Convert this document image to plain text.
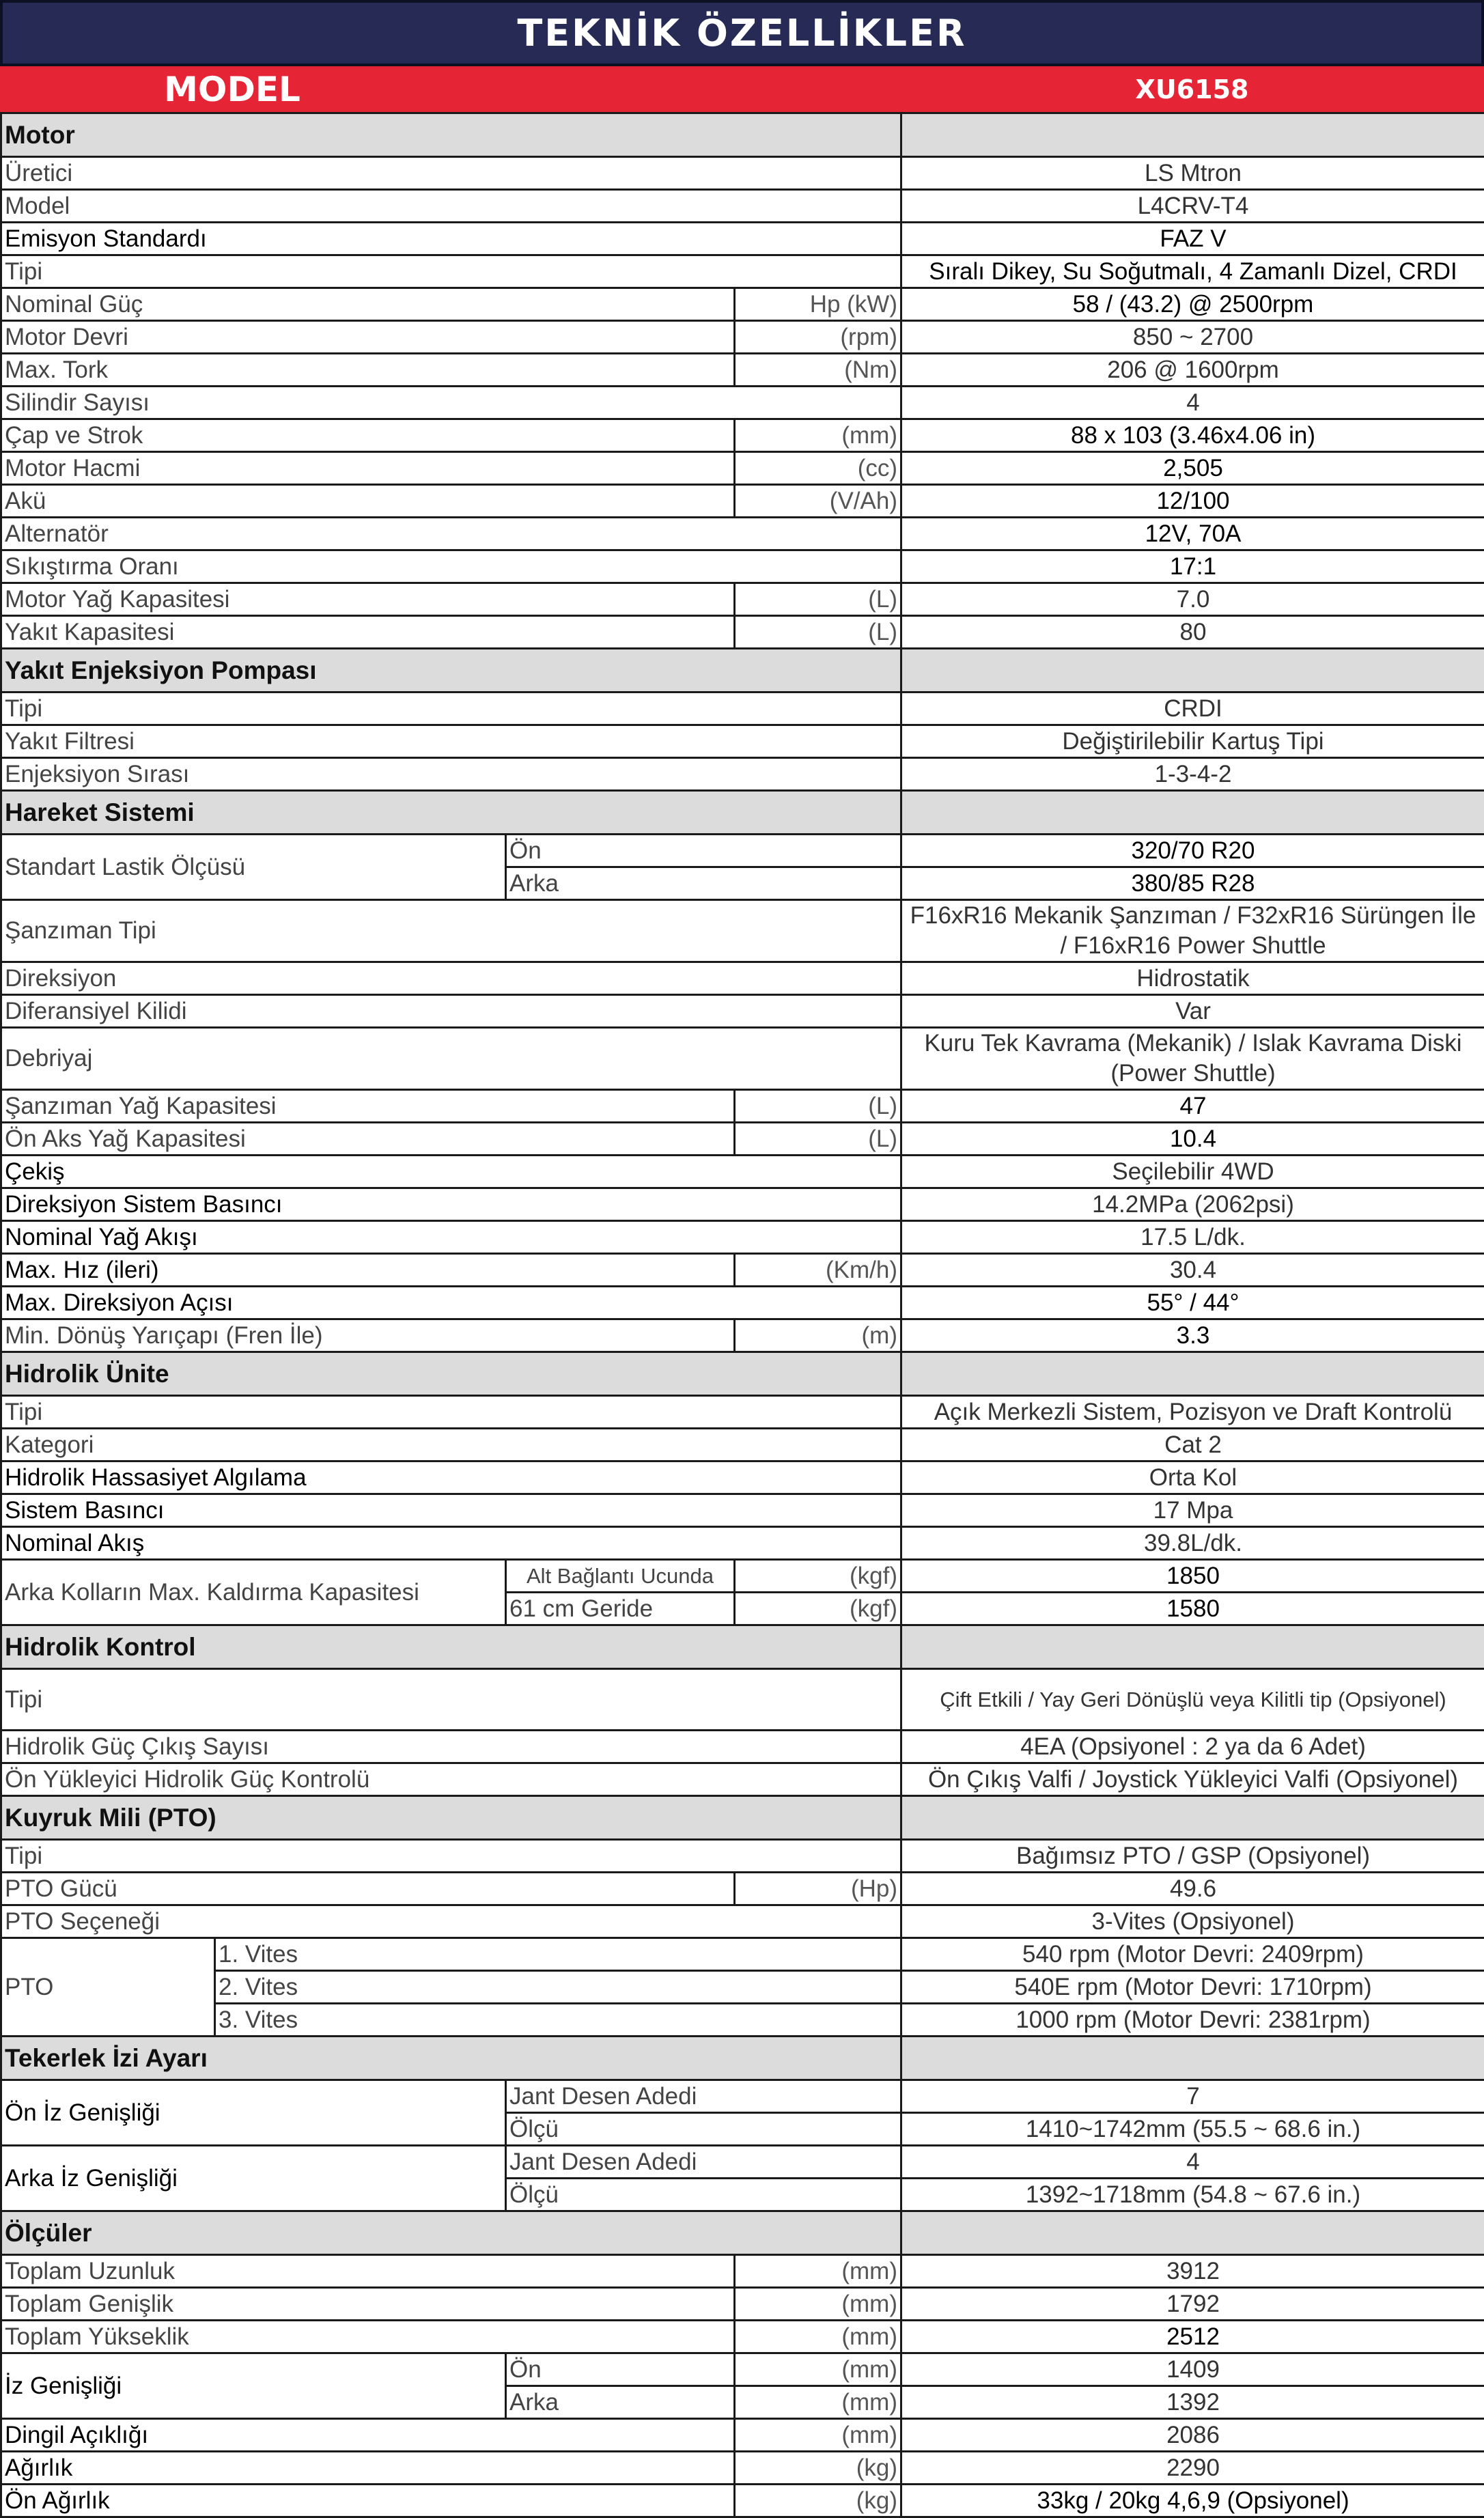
TEKNİK ÖZELLİKLER
MODEL	XU6158
Motor				
Üretici				LS Mtron
Model				L4CRV-T4
Emisyon Standardı				FAZ V
Tipi				Sıralı Dikey, Su Soğutmalı, 4 Zamanlı Dizel, CRDI
Nominal Güç			Hp (kW)	58 / (43.2) @ 2500rpm
Motor Devri			(rpm)	850 ~ 2700
Max. Tork			(Nm)	206 @ 1600rpm
Silindir Sayısı				4
Çap ve Strok			(mm)	88 x 103 (3.46x4.06 in)
Motor Hacmi			(cc)	2,505
Akü			(V/Ah)	12/100
Alternatör				12V, 70A
Sıkıştırma Oranı				17:1
Motor Yağ Kapasitesi			(L)	7.0
Yakıt Kapasitesi			(L)	80
Yakıt Enjeksiyon Pompası				
Tipi				CRDI
Yakıt Filtresi				Değiştirilebilir Kartuş Tipi
Enjeksiyon Sırası				1-3-4-2
Hareket Sistemi				
Standart Lastik Ölçüsü		Ön		320/70 R20
		Arka		380/85 R28
Şanzıman Tipi				F16xR16 Mekanik Şanzıman / F32xR16 Sürüngen İle / F16xR16 Power Shuttle
Direksiyon				Hidrostatik
Diferansiyel Kilidi				Var
Debriyaj				Kuru Tek Kavrama (Mekanik) / Islak Kavrama Diski (Power Shuttle)
Şanzıman Yağ Kapasitesi			(L)	47
Ön Aks Yağ Kapasitesi			(L)	10.4
Çekiş				Seçilebilir 4WD
Direksiyon Sistem Basıncı				14.2MPa (2062psi)
Nominal Yağ Akışı				17.5 L/dk.
Max. Hız (ileri)			(Km/h)	30.4
Max. Direksiyon Açısı				55° / 44°
Min. Dönüş Yarıçapı (Fren İle)			(m)	3.3
Hidrolik Ünite				
Tipi				Açık Merkezli Sistem, Pozisyon ve Draft Kontrolü
Kategori				Cat 2
Hidrolik Hassasiyet Algılama				Orta Kol
Sistem Basıncı				17 Mpa
Nominal Akış				39.8L/dk.
Arka Kolların Max. Kaldırma Kapasitesi		Alt Bağlantı Ucunda	(kgf)	1850
		61 cm Geride	(kgf)	1580
Hidrolik Kontrol				
Tipi				Çift Etkili / Yay Geri Dönüşlü veya Kilitli tip (Opsiyonel)
Hidrolik Güç Çıkış Sayısı				4EA (Opsiyonel : 2 ya da 6 Adet)
Ön Yükleyici Hidrolik Güç Kontrolü				Ön Çıkış Valfi / Joystick Yükleyici Valfi (Opsiyonel)
Kuyruk Mili (PTO)				
Tipi				Bağımsız PTO / GSP (Opsiyonel)
PTO Gücü			(Hp)	49.6
PTO Seçeneği				3-Vites (Opsiyonel)
PTO	1. Vites			540 rpm (Motor Devri: 2409rpm)
	2. Vites			540E rpm (Motor Devri: 1710rpm)
	3. Vites			1000 rpm (Motor Devri: 2381rpm)
Tekerlek İzi Ayarı				
Ön İz Genişliği		Jant Desen Adedi		7
		Ölçü		1410~1742mm (55.5 ~ 68.6 in.)
Arka İz Genişliği		Jant Desen Adedi		4
		Ölçü		1392~1718mm (54.8 ~ 67.6 in.)
Ölçüler				
Toplam Uzunluk			(mm)	3912
Toplam Genişlik			(mm)	1792
Toplam Yükseklik			(mm)	2512
İz Genişliği		Ön	(mm)	1409
		Arka	(mm)	1392
Dingil Açıklığı			(mm)	2086
Ağırlık			(kg)	2290
Ön Ağırlık			(kg)	33kg / 20kg 4,6,9 (Opsiyonel)
